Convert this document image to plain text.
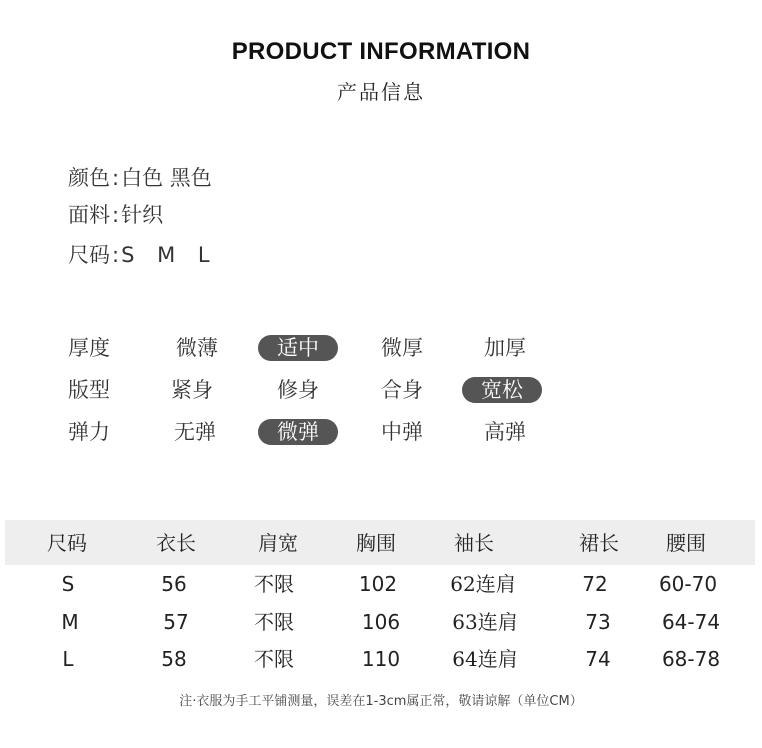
PRODUCT INFORMATION
产品信息
颜色:白色 黑色
面料:针织
尺码:S M L
厚度	微薄	适中	微厚	加厚
版型	紧身	修身	合身	宽松
弹力	无弹	微弹	中弹	高弹
尺码	衣长	肩宽	胸围	袖长	裙长	腰围
S	56	不限	102	62连肩	72	60-70
M	57	不限	106	63连肩	73	64-74
L	58	不限	110	64连肩	74	68-78
注·衣服为手工平铺测量，误差在1-3cm属正常，敬请谅解（单位CM）
